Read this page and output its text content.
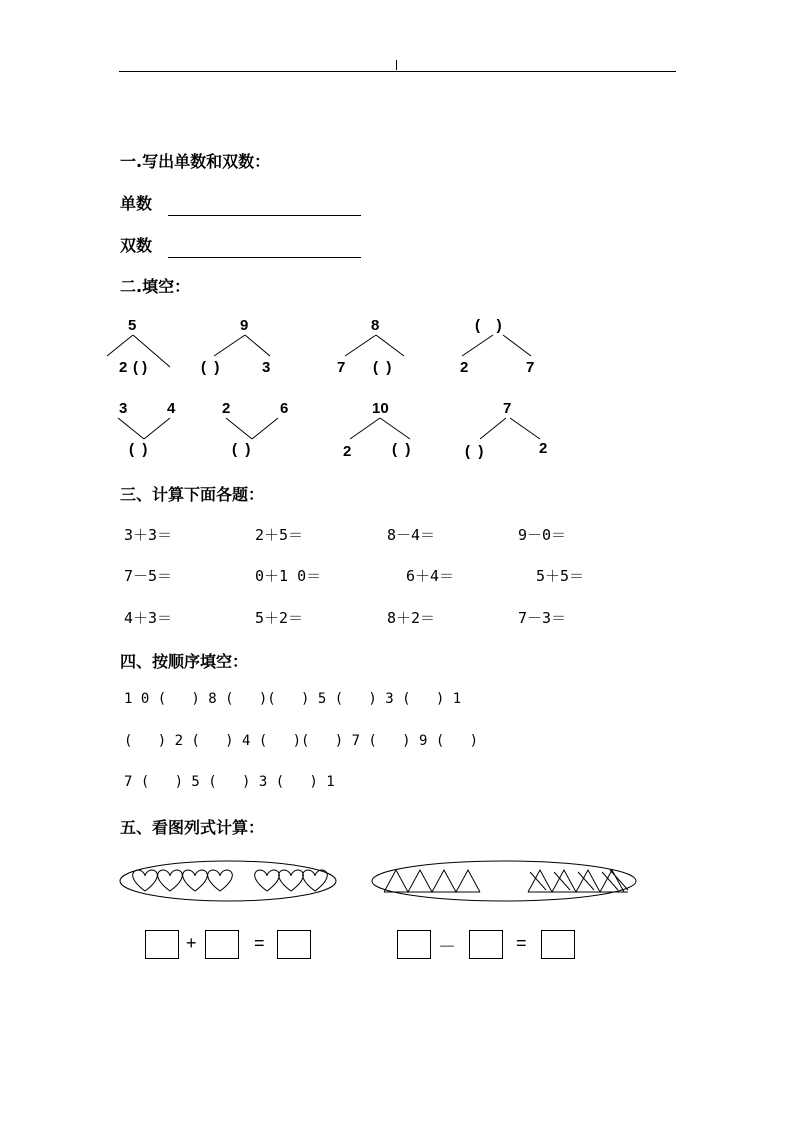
一.写出单数和双数：
单数
双数
二.填空：
5
2 ( )
9
(  )	3
8
7 (  )
(    )
2	7
3	4
(  )
2	6
(  )
10
2	(  )
7
(  )	2
三、计算下面各题：
3＋3＝	2＋5＝	8－4＝	9－0＝
7－5＝	0＋1 0＝	6＋4＝	5＋5＝
4＋3＝	5＋2＝	8＋2＝	7－3＝
四、按顺序填空：
1 0 (   ) 8 (   )(   ) 5 (   ) 3 (   ) 1
(   ) 2 (   ) 4 (   )(   ) 7 (   ) 9 (   )
7 (   ) 5 (   ) 3 (   ) 1
五、看图列式计算：
+	=	－	=
